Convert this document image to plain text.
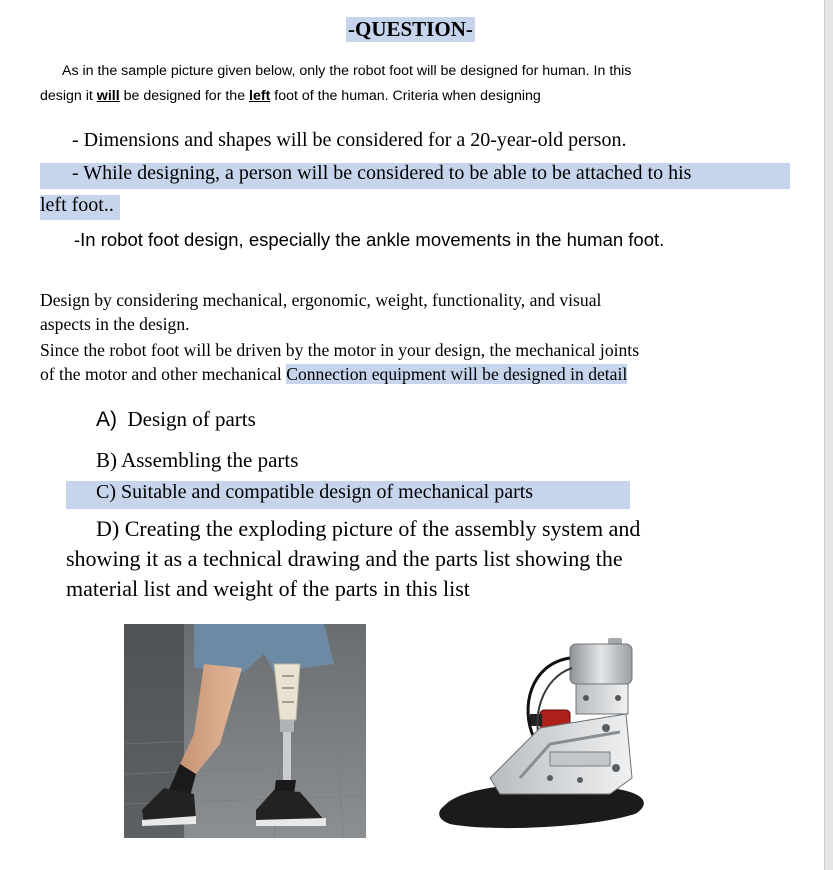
-QUESTION-
As in the sample picture given below, only the robot foot will be designed for human. In this
design it will be designed for the left foot of the human. Criteria when designing
- Dimensions and shapes will be considered for a 20-year-old person.
- While designing, a person will be considered to be able to be attached to his
left foot..
-In robot foot design, especially the ankle movements in the human foot.
Design by considering mechanical, ergonomic, weight, functionality, and visual
aspects in the design.
Since the robot foot will be driven by the motor in your design, the mechanical joints
of the motor and other mechanical Connection equipment will be designed in detail
A) Design of parts
B) Assembling the parts
C) Suitable and compatible design of mechanical parts
D) Creating the exploding picture of the assembly system and
showing it as a technical drawing and the parts list showing the
material list and weight of the parts in this list
